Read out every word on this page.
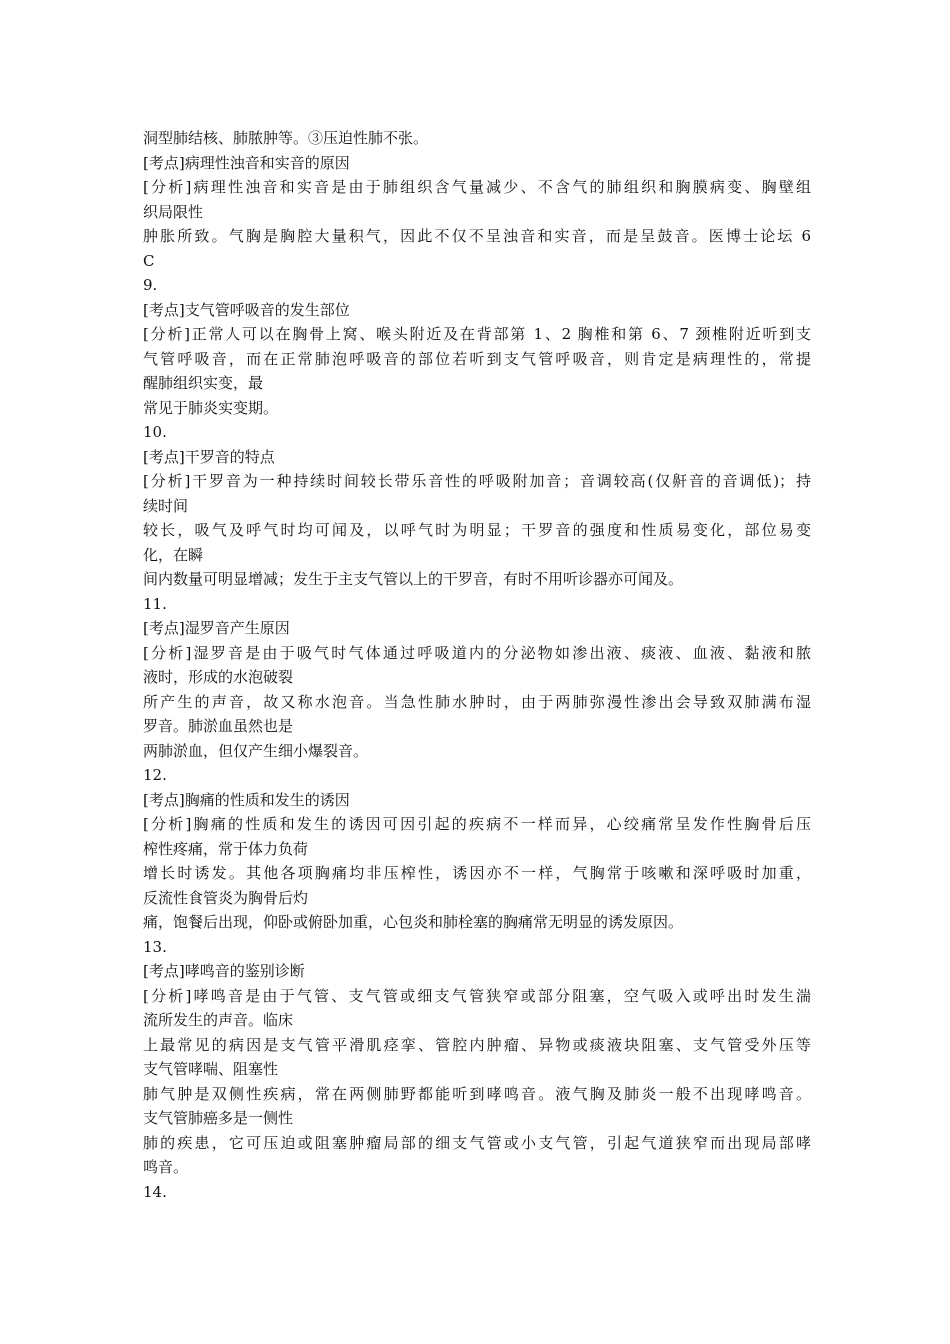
洞型肺结核、肺脓肿等。③压迫性肺不张。
[考点]病理性浊音和实音的原因
[分析]病理性浊音和实音是由于肺组织含气量减少、不含气的肺组织和胸膜病变、胸壁组
织局限性
肿胀所致。气胸是胸腔大量积气，因此不仅不呈浊音和实音，而是呈鼓音。医博士论坛 6
C
9.
[考点]支气管呼吸音的发生部位
[分析]正常人可以在胸骨上窝、喉头附近及在背部第 1、2 胸椎和第 6、7 颈椎附近听到支
气管呼吸音，而在正常肺泡呼吸音的部位若听到支气管呼吸音，则肯定是病理性的，常提
醒肺组织实变，最
常见于肺炎实变期。
10.
[考点]干罗音的特点
[分析]干罗音为一种持续时间较长带乐音性的呼吸附加音；音调较高(仅鼾音的音调低)；持
续时间
较长，吸气及呼气时均可闻及，以呼气时为明显；干罗音的强度和性质易变化，部位易变
化，在瞬
间内数量可明显增减；发生于主支气管以上的干罗音，有时不用听诊器亦可闻及。
11.
[考点]湿罗音产生原因
[分析]湿罗音是由于吸气时气体通过呼吸道内的分泌物如渗出液、痰液、血液、黏液和脓
液时，形成的水泡破裂
所产生的声音，故又称水泡音。当急性肺水肿时，由于两肺弥漫性渗出会导致双肺满布湿
罗音。肺淤血虽然也是
两肺淤血，但仅产生细小爆裂音。
12.
[考点]胸痛的性质和发生的诱因
[分析]胸痛的性质和发生的诱因可因引起的疾病不一样而异，心绞痛常呈发作性胸骨后压
榨性疼痛，常于体力负荷
增长时诱发。其他各项胸痛均非压榨性，诱因亦不一样，气胸常于咳嗽和深呼吸时加重，
反流性食管炎为胸骨后灼
痛，饱餐后出现，仰卧或俯卧加重，心包炎和肺栓塞的胸痛常无明显的诱发原因。
13.
[考点]哮鸣音的鉴别诊断
[分析]哮鸣音是由于气管、支气管或细支气管狭窄或部分阻塞，空气吸入或呼出时发生湍
流所发生的声音。临床
上最常见的病因是支气管平滑肌痉挛、管腔内肿瘤、异物或痰液块阻塞、支气管受外压等
支气管哮喘、阻塞性
肺气肿是双侧性疾病，常在两侧肺野都能听到哮鸣音。液气胸及肺炎一般不出现哮鸣音。
支气管肺癌多是一侧性
肺的疾患，它可压迫或阻塞肿瘤局部的细支气管或小支气管，引起气道狭窄而出现局部哮
鸣音。
14.
